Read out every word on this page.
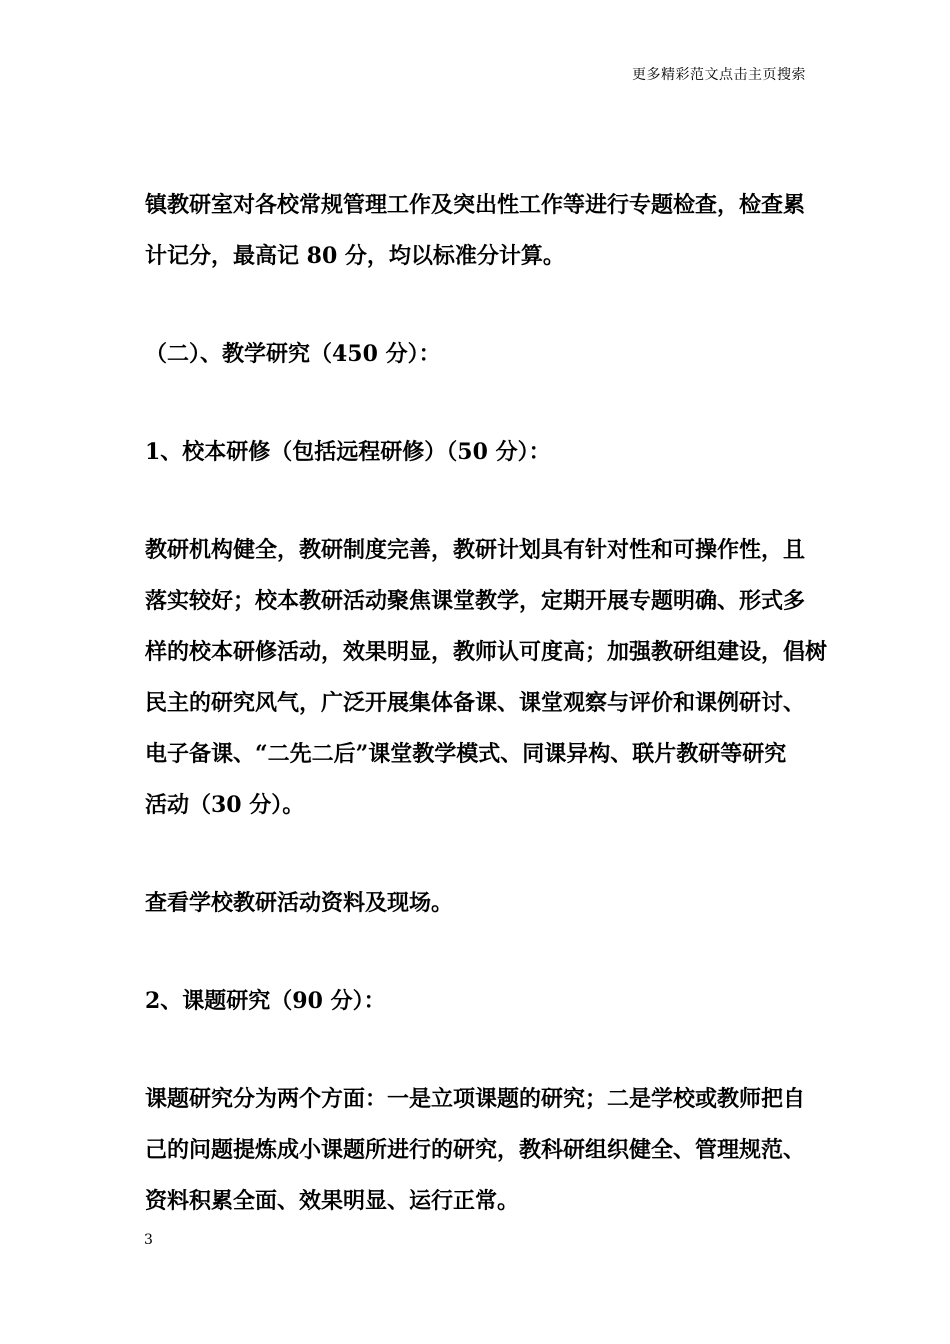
更多精彩范文点击主页搜索

镇教研室对各校常规管理工作及突出性工作等进行专题检查，检查累
计记分，最高记 80 分，均以标准分计算。

（二）、教学研究（450 分）：

1、校本研修（包括远程研修）（50 分）：

教研机构健全，教研制度完善，教研计划具有针对性和可操作性，且
落实较好；校本教研活动聚焦课堂教学，定期开展专题明确、形式多
样的校本研修活动，效果明显，教师认可度高；加强教研组建设，倡树
民主的研究风气，广泛开展集体备课、课堂观察与评价和课例研讨、
电子备课、“二先二后”课堂教学模式、同课异构、联片教研等研究
活动（30 分）。

查看学校教研活动资料及现场。

2、课题研究（90 分）：

课题研究分为两个方面：一是立项课题的研究；二是学校或教师把自
己的问题提炼成小课题所进行的研究，教科研组织健全、管理规范、
资料积累全面、效果明显、运行正常。

3
